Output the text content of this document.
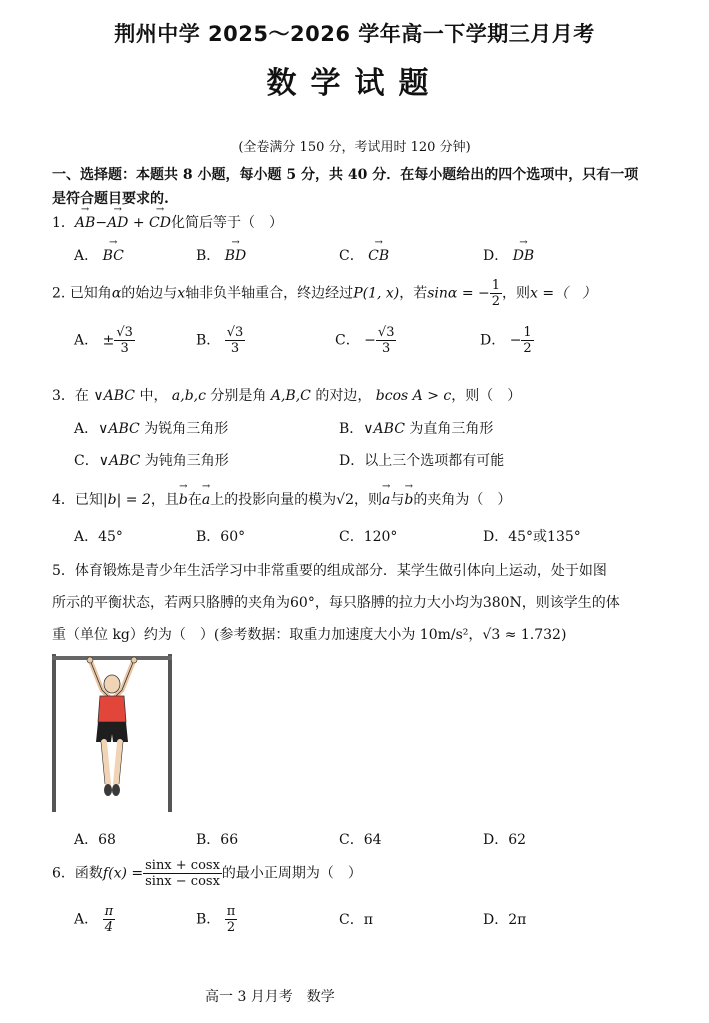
荆州中学 2025～2026 学年高一下学期三月月考
数学试题
(全卷满分 150 分，考试用时 120 分钟)
一、选择题：本题共 8 小题，每小题 5 分，共 40 分．在每小题给出的四个选项中，只有一项是符合题目要求的.
1．→ AB−→ AD + → CD化简后等于（　）
A． → BC	B． → BD	C． → CB	D． → DB
2. 已知角α的始边与x轴非负半轴重合，终边经过P(1, x)，若sinα = − $\frac{1}{2}$ ，则x =（　）
A． ± $\frac{√3}{3}$	B． $\frac{√3}{3}$	C． − $\frac{√3}{3}$	D． − $\frac{1}{2}$
3．在 ∨ABC 中， a,b,c 分别是角 A,B,C 的对边， bcos A > c，则（　）
A．∨ABC 为锐角三角形	B．∨ABC 为直角三角形
C．∨ABC 为钝角三角形	D．以上三个选项都有可能
4．已知|b| = 2，且→ b在→ a上的投影向量的模为√2，则→ a与→ b的夹角为（　）
A．45°	B．60°	C．120°	D．45°或135°
5．体育锻炼是青少年生活学习中非常重要的组成部分．某学生做引体向上运动，处于如图
所示的平衡状态，若两只胳膊的夹角为60°，每只胳膊的拉力大小均为380N，则该学生的体
重（单位 kg）约为（　）(参考数据：取重力加速度大小为 10m/s²，√3 ≈ 1.732)
A．68	B．66	C．64	D．62
6．函数$f(x) = \frac{\sin x + \cos x}{\sin x - \cos x}$ 的最小正周期为（　）
A． $\frac{\pi}{4}$	B． $\frac{\pi}{2}$	C．π	D．2π
高一 3 月月考　数学
